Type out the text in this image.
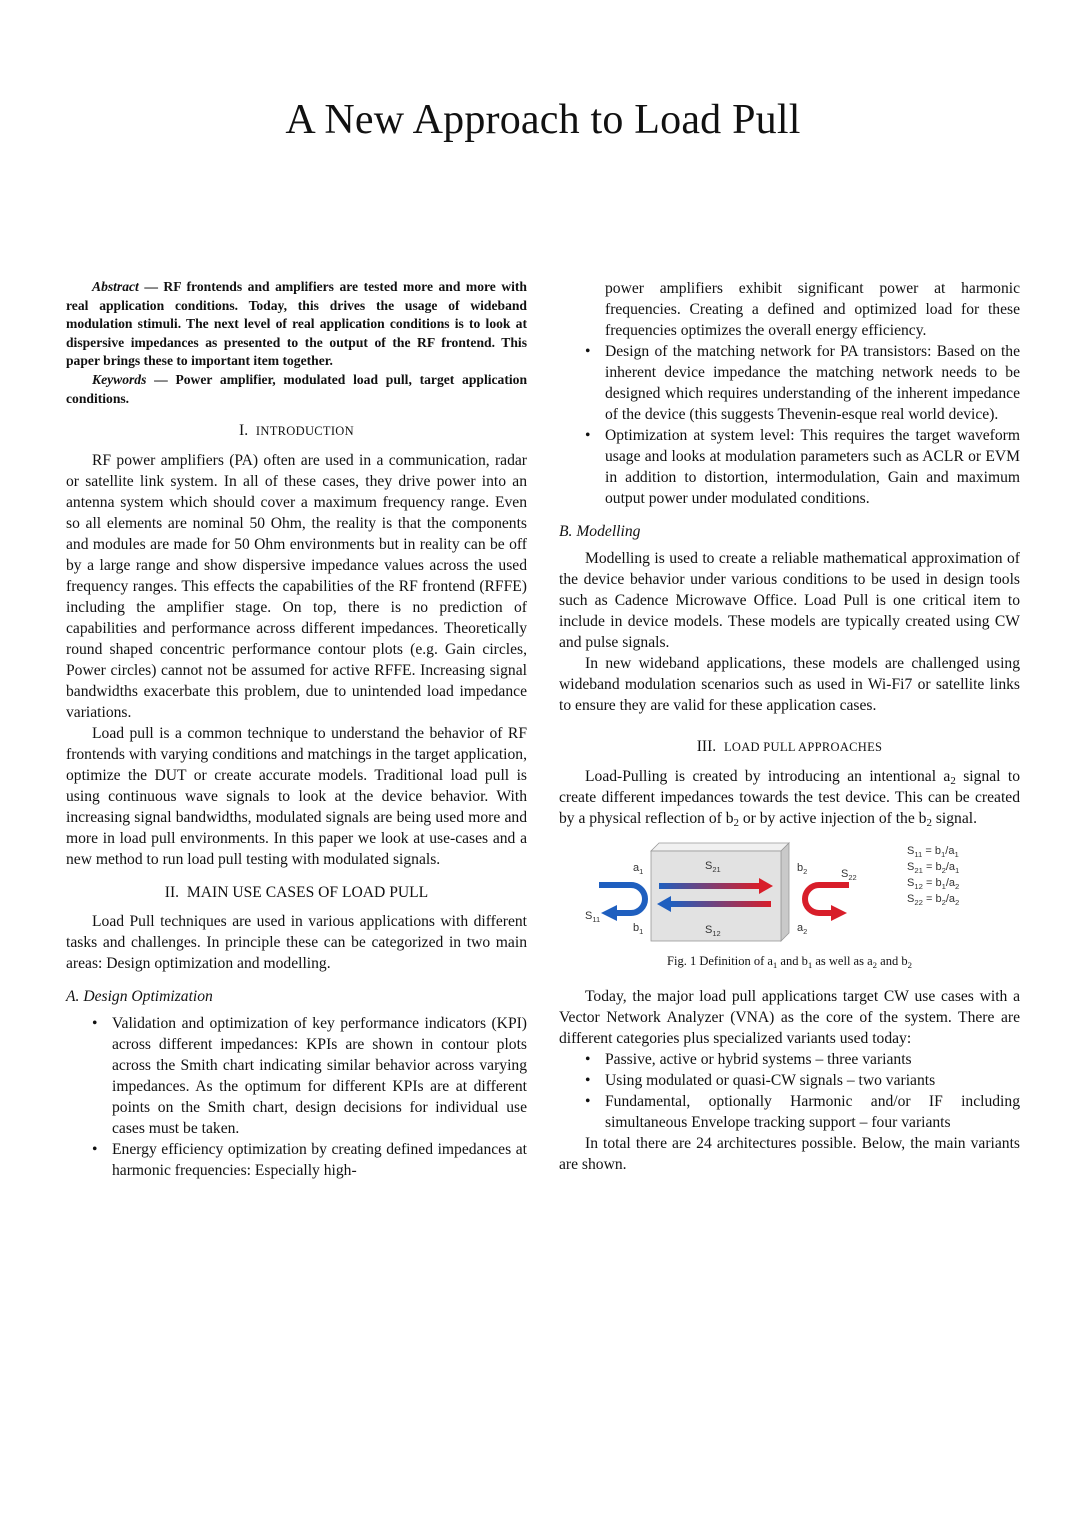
A New Approach to Load Pull

Abstract — RF frontends and amplifiers are tested more and more with real application conditions. Today, this drives the usage of wideband modulation stimuli. The next level of real application conditions is to look at dispersive impedances as presented to the output of the RF frontend. This paper brings these to important item together.

Keywords — Power amplifier, modulated load pull, target application conditions.

I. INTRODUCTION

RF power amplifiers (PA) often are used in a communication, radar or satellite link system. In all of these cases, they drive power into an antenna system which should cover a maximum frequency range. Even so all elements are nominal 50 Ohm, the reality is that the components and modules are made for 50 Ohm environments but in reality can be off by a large range and show dispersive impedance values across the used frequency ranges. This effects the capabilities of the RF frontend (RFFE) including the amplifier stage. On top, there is no prediction of capabilities and performance across different impedances. Theoretically round shaped concentric performance contour plots (e.g. Gain circles, Power circles) cannot not be assumed for active RFFE. Increasing signal bandwidths exacerbate this problem, due to unintended load impedance variations.

Load pull is a common technique to understand the behavior of RF frontends with varying conditions and matchings in the target application, optimize the DUT or create accurate models. Traditional load pull is using continuous wave signals to look at the device behavior. With increasing signal bandwidths, modulated signals are being used more and more in load pull environments. In this paper we look at use-cases and a new method to run load pull testing with modulated signals.

II. MAIN USE CASES OF LOAD PULL

Load Pull techniques are used in various applications with different tasks and challenges. In principle these can be categorized in two main areas: Design optimization and modelling.

A. Design Optimization
• Validation and optimization of key performance indicators (KPI) across different impedances: KPIs are shown in contour plots across the Smith chart indicating similar behavior across varying impedances. As the optimum for different KPIs are at different points on the Smith chart, design decisions for individual use cases must be taken.
• Energy efficiency optimization by creating defined impedances at harmonic frequencies: Especially high-
power amplifiers exhibit significant power at harmonic frequencies. Creating a defined and optimized load for these frequencies optimizes the overall energy efficiency.
• Design of the matching network for PA transistors: Based on the inherent device impedance the matching network needs to be designed which requires understanding of the inherent impedance of the device (this suggests Thevenin-esque real world device).
• Optimization at system level: This requires the target waveform usage and looks at modulation parameters such as ACLR or EVM in addition to distortion, intermodulation, Gain and maximum output power under modulated conditions.
B. Modelling

Modelling is used to create a reliable mathematical approximation of the device behavior under various conditions to be used in design tools such as Cadence Microwave Office. Load Pull is one critical item to include in device models. These models are typically created using CW and pulse signals.

In new wideband applications, these models are challenged using wideband modulation scenarios such as used in Wi-Fi7 or satellite links to ensure they are valid for these application cases.

III. LOAD PULL APPROACHES

Load-Pulling is created by introducing an intentional $a_2$ signal to create different impedances towards the test device. This can be created by a physical reflection of $b_2$ or by active injection of the $b_2$ signal.

$a_1$
$b_1$
$b_2$
$a_2$
$S_{21}$
$S_{12}$
$S_{11}$
$S_{22}$
$S_{11} = b_1/a_1$
$S_{21} = b_2/a_1$
$S_{12} = b_1/a_2$
$S_{22} = b_2/a_2$
Fig. 1 Definition of $a_1$ and $b_1$ as well as $a_2$ and $b_2$

Today, the major load pull applications target CW use cases with a Vector Network Analyzer (VNA) as the core of the system. There are different categories plus specialized variants used today:

• Passive, active or hybrid systems – three variants
• Using modulated or quasi-CW signals – two variants
• Fundamental, optionally Harmonic and/or IF including simultaneous Envelope tracking support – four variants

In total there are 24 architectures possible. Below, the main variants are shown.
